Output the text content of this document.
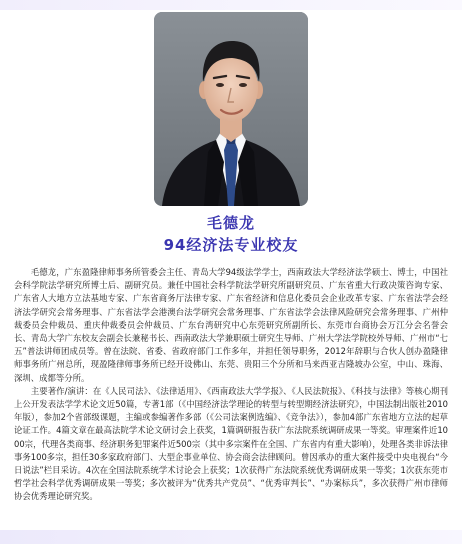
毛德龙
94经济法专业校友

毛德龙，广东盈隆律师事务所管委会主任、青岛大学94级法学学士，西南政法大学经济法学硕士、博士，中国社会科学院法学研究所博士后、副研究员。兼任中国社会科学院法学研究所副研究员、广东省重大行政决策咨询专家、广东省人大地方立法基地专家、广东省商务厅法律专家、广东省经济和信息化委员会企业改革专家、广东省法学会经济法学研究会常务理事、广东省法学会港澳台法学研究会常务理事、广东省法学会法律风险研究会常务理事、广州仲裁委员会仲裁员、重庆仲裁委员会仲裁员、广东台湾研究中心东莞研究所副所长、东莞市台商协会万江分会名誉会长、青岛大学广东校友会副会长兼秘书长、西南政法大学兼职硕士研究生导师、广州大学法学院校外导师、广州市“七五”普法讲师团成员等。曾在法院、省委、省政府部门工作多年，并担任领导职务，2012年辞职与合伙人创办盈隆律师事务所广州总所，现盈隆律师事务所已经开设佛山、东莞、贵阳三个分所和马来西亚吉隆坡办公室，中山、珠海、深圳、成都等分所。

主要著作/演讲：在《人民司法》、《法律适用》、《西南政法大学学报》、《人民法院报》、《科技与法律》等核心期刊上公开发表法学学术论文近50篇，专著1部（《中国经济法学理论的转型与转型期经济法研究》，中国法制出版社2010年版），参加2个省部级课题，主编或参编著作多部（《公司法案例选编》、《竞争法》），参加4部广东省地方立法的起草论证工作。4篇文章在最高法院学术论文研讨会上获奖，1篇调研报告获广东法院系统调研成果一等奖。审理案件近1000宗，代理各类商事、经济职务犯罪案件近500宗（其中多宗案件在全国、广东省内有重大影响），处理各类非诉法律事务100多宗，担任30多家政府部门、大型企事业单位、协会商会法律顾问。曾因承办的重大案件接受中央电视台“今日说法”栏目采访。4次在全国法院系统学术讨论会上获奖；1次获得广东法院系统优秀调研成果一等奖；1次获东莞市哲学社会科学优秀调研成果一等奖；多次被评为“优秀共产党员”、“优秀审判长”、“办案标兵”，多次获得广州市律师协会优秀理论研究奖。
